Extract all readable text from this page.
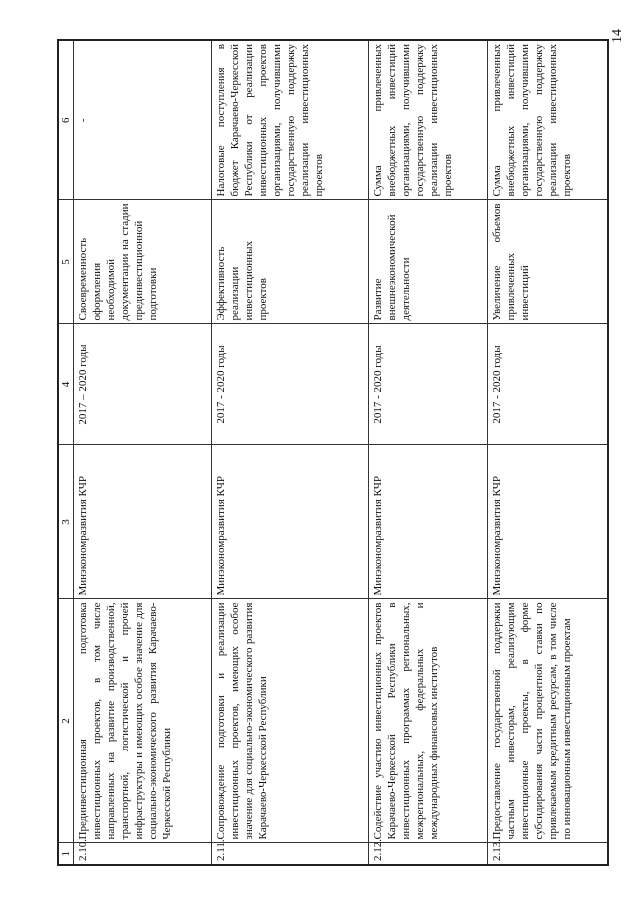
14
1	2	3	4	5	6
2.10.	Прединвестиционная подготовка инвестиционных проектов, в том числе направленных на развитие производственной, транспортной, логистической и прочей инфраструктуры и имеющих особое значение для социально-экономического развития Карачаево-Черкесской Республики	Минэкономразвития КЧР	2017 – 2020 годы	Своевременность оформления необходимой документации на стадии прединвестиционной подготовки	-
2.11.	Сопровождение подготовки и реализации инвестиционных проектов, имеющих особое значение для социально-экономического развития Карачаево-Черкесской Республики	Минэкономразвития КЧР	2017 - 2020 годы	Эффективность реализации инвестиционных проектов	Налоговые поступления в бюджет Карачаево-Черкесской Республики от реализации инвестиционных проектов организациями, получившими государственную поддержку реализации инвестиционных проектов
2.12.	Содействие участию инвестиционных проектов Карачаево-Черкесской Республики в инвестиционных программах региональных, межрегиональных, федеральных и международных финансовых институтов	Минэкономразвития КЧР	2017 - 2020 годы	Развитие внешнеэкономической деятельности	Сумма привлеченных внебюджетных инвестиций организациями, получившими государственную поддержку реализации инвестиционных проектов
2.13.	Предоставление государственной поддержки частным инвесторам, реализующим инвестиционные проекты, в форме субсидирования части процентной ставки по привлекаемым кредитным ресурсам, в том числе по инновационным инвестиционным проектам	Минэкономразвития КЧР	2017 - 2020 годы	Увеличение объемов привлеченных инвестиций	Сумма привлеченных внебюджетных инвестиций организациями, получившими государственную поддержку реализации инвестиционных проектов
